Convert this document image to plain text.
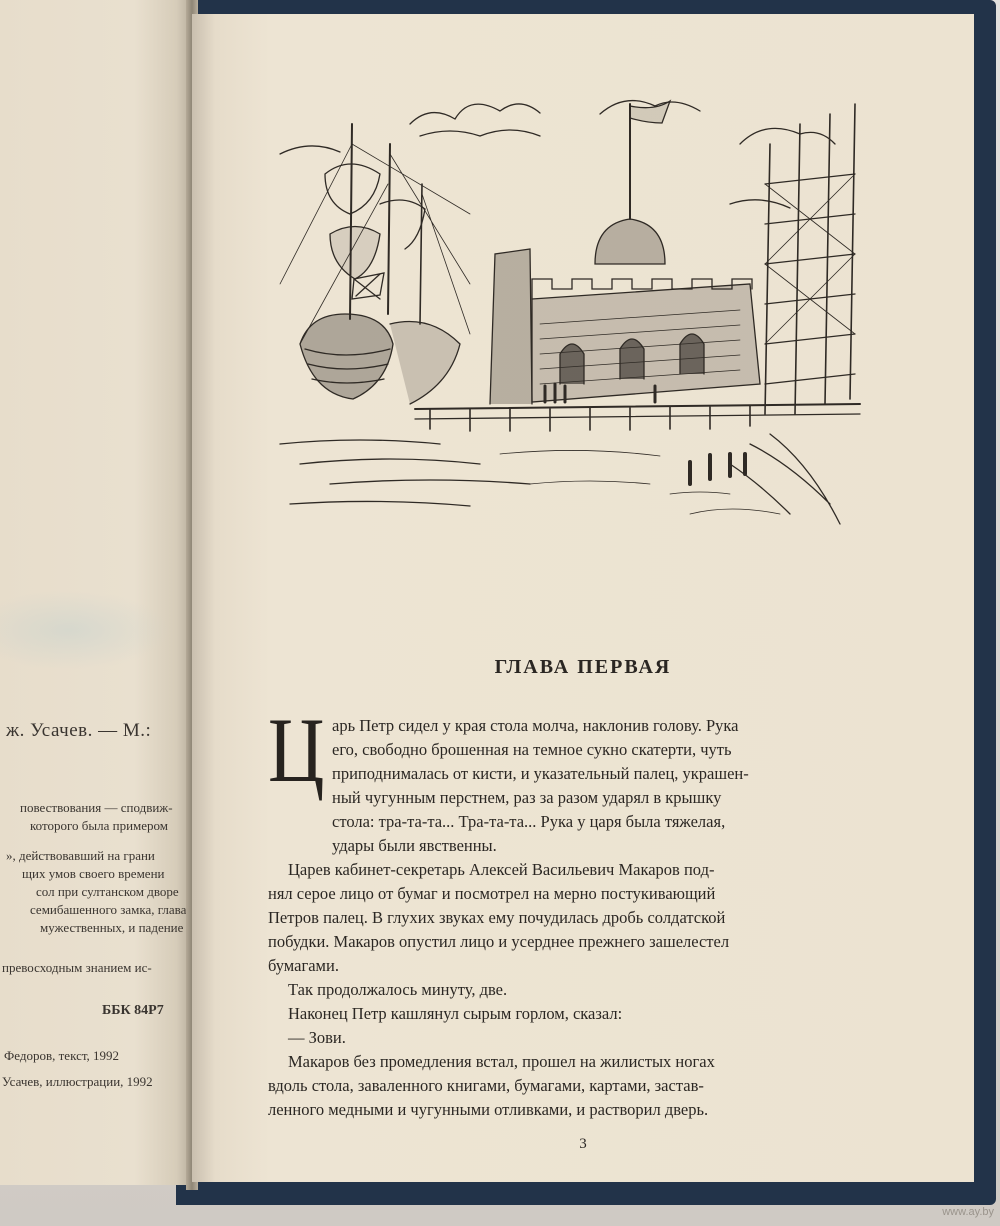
ж. Усачев. — М.:
повествования — сподвиж-
которого была примером
», действовавший на грани
щих умов своего времени
сол при султанском дворе
семибашенного замка, глава
мужественных, и падение
превосходным знанием ис-
ББК 84Р7
Федоров, текст, 1992
Усачев, иллюстрации, 1992
ГЛАВА ПЕРВАЯ
Ц арь Петр сидел у края стола молча, наклонив голову. Рука
его, свободно брошенная на темное сукно скатерти, чуть
приподнималась от кисти, и указательный палец, украшен-
ный чугунным перстнем, раз за разом ударял в крышку
стола: тра-та-та... Тра-та-та... Рука у царя была тяжелая,
удары были явственны.
Царев кабинет-секретарь Алексей Васильевич Макаров под-
нял серое лицо от бумаг и посмотрел на мерно постукивающий
Петров палец. В глухих звуках ему почудилась дробь солдатской
побудки. Макаров опустил лицо и усерднее прежнего зашелестел
бумагами.
Так продолжалось минуту, две.
Наконец Петр кашлянул сырым горлом, сказал:
— Зови.
Макаров без промедления встал, прошел на жилистых ногах
вдоль стола, заваленного книгами, бумагами, картами, застав-
ленного медными и чугунными отливками, и растворил дверь.
3
www.ay.by
